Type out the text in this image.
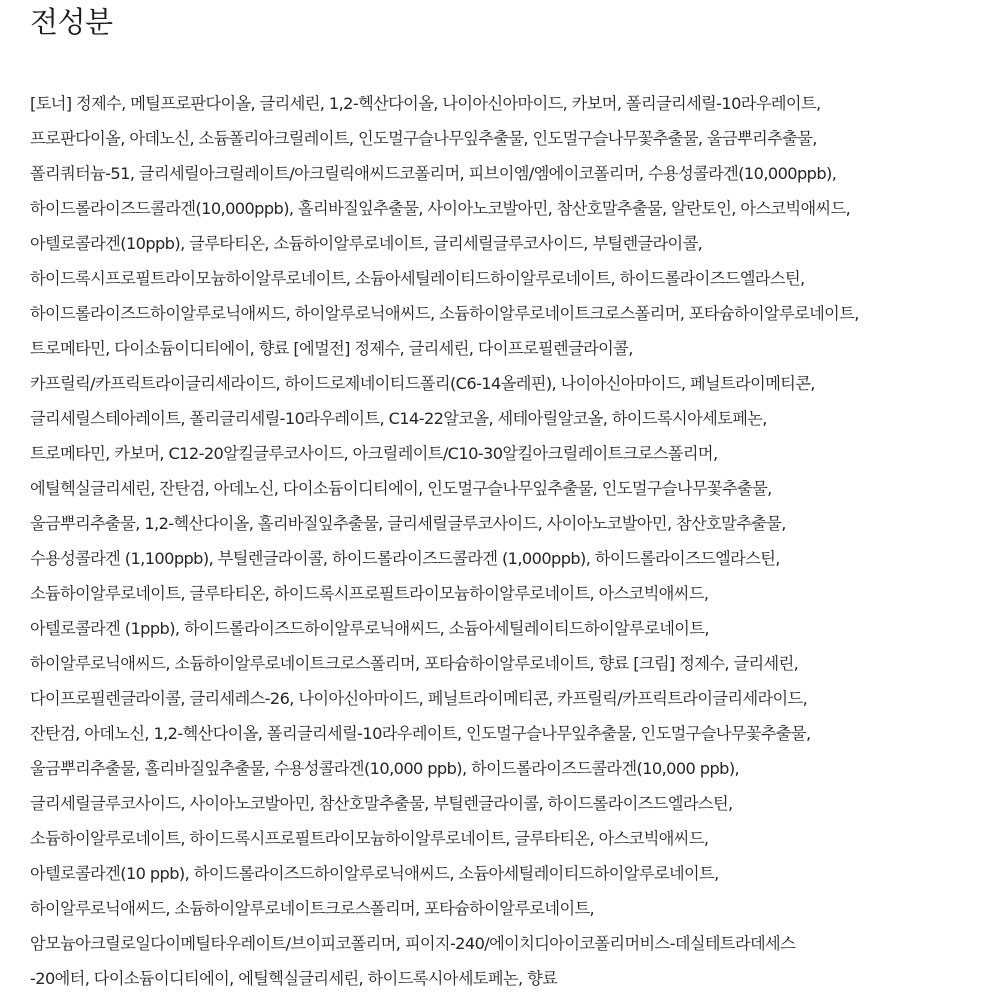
전성분
[토너] 정제수, 메틸프로판다이올, 글리세린, 1,2-헥산다이올, 나이아신아마이드, 카보머, 폴리글리세릴-10라우레이트,
프로판다이올, 아데노신, 소듐폴리아크릴레이트, 인도멀구슬나무잎추출물, 인도멀구슬나무꽃추출물, 울금뿌리추출물,
폴리쿼터늄-51, 글리세릴아크릴레이트/아크릴릭애씨드코폴리머, 피브이엠/엠에이코폴리머, 수용성콜라겐(10,000ppb),
하이드롤라이즈드콜라겐(10,000ppb), 홀리바질잎추출물, 사이아노코발아민, 참산호말추출물, 알란토인, 아스코빅애씨드,
아텔로콜라겐(10ppb), 글루타티온, 소듐하이알루로네이트, 글리세릴글루코사이드, 부틸렌글라이콜,
하이드록시프로필트라이모늄하이알루로네이트, 소듐아세틸레이티드하이알루로네이트, 하이드롤라이즈드엘라스틴,
하이드롤라이즈드하이알루로닉애씨드, 하이알루로닉애씨드, 소듐하이알루로네이트크로스폴리머, 포타슘하이알루로네이트,
트로메타민, 다이소듐이디티에이, 향료 [에멀전] 정제수, 글리세린, 다이프로필렌글라이콜,
카프릴릭/카프릭트라이글리세라이드, 하이드로제네이티드폴리(C6-14올레핀), 나이아신아마이드, 페닐트라이메티콘,
글리세릴스테아레이트, 폴리글리세릴-10라우레이트, C14-22알코올, 세테아릴알코올, 하이드록시아세토페논,
트로메타민, 카보머, C12-20알킬글루코사이드, 아크릴레이트/C10-30알킬아크릴레이트크로스폴리머,
에틸헥실글리세린, 잔탄검, 아데노신, 다이소듐이디티에이, 인도멀구슬나무잎추출물, 인도멀구슬나무꽃추출물,
울금뿌리추출물, 1,2-헥산다이올, 홀리바질잎추출물, 글리세릴글루코사이드, 사이아노코발아민, 참산호말추출물,
수용성콜라겐 (1,100ppb), 부틸렌글라이콜, 하이드롤라이즈드콜라겐 (1,000ppb), 하이드롤라이즈드엘라스틴,
소듐하이알루로네이트, 글루타티온, 하이드록시프로필트라이모늄하이알루로네이트, 아스코빅애씨드,
아텔로콜라겐 (1ppb), 하이드롤라이즈드하이알루로닉애씨드, 소듐아세틸레이티드하이알루로네이트,
하이알루로닉애씨드, 소듐하이알루로네이트크로스폴리머, 포타슘하이알루로네이트, 향료 [크림] 정제수, 글리세린,
다이프로필렌글라이콜, 글리세레스-26, 나이아신아마이드, 페닐트라이메티콘, 카프릴릭/카프릭트라이글리세라이드,
잔탄검, 아데노신, 1,2-헥산다이올, 폴리글리세릴-10라우레이트, 인도멀구슬나무잎추출물, 인도멀구슬나무꽃추출물,
울금뿌리추출물, 홀리바질잎추출물, 수용성콜라겐(10,000 ppb), 하이드롤라이즈드콜라겐(10,000 ppb),
글리세릴글루코사이드, 사이아노코발아민, 참산호말추출물, 부틸렌글라이콜, 하이드롤라이즈드엘라스틴,
소듐하이알루로네이트, 하이드록시프로필트라이모늄하이알루로네이트, 글루타티온, 아스코빅애씨드,
아텔로콜라겐(10 ppb), 하이드롤라이즈드하이알루로닉애씨드, 소듐아세틸레이티드하이알루로네이트,
하이알루로닉애씨드, 소듐하이알루로네이트크로스폴리머, 포타슘하이알루로네이트,
암모늄아크릴로일다이메틸타우레이트/브이피코폴리머, 피이지-240/에이치디아이코폴리머비스-데실테트라데세스
-20에터, 다이소듐이디티에이, 에틸헥실글리세린, 하이드록시아세토페논, 향료
